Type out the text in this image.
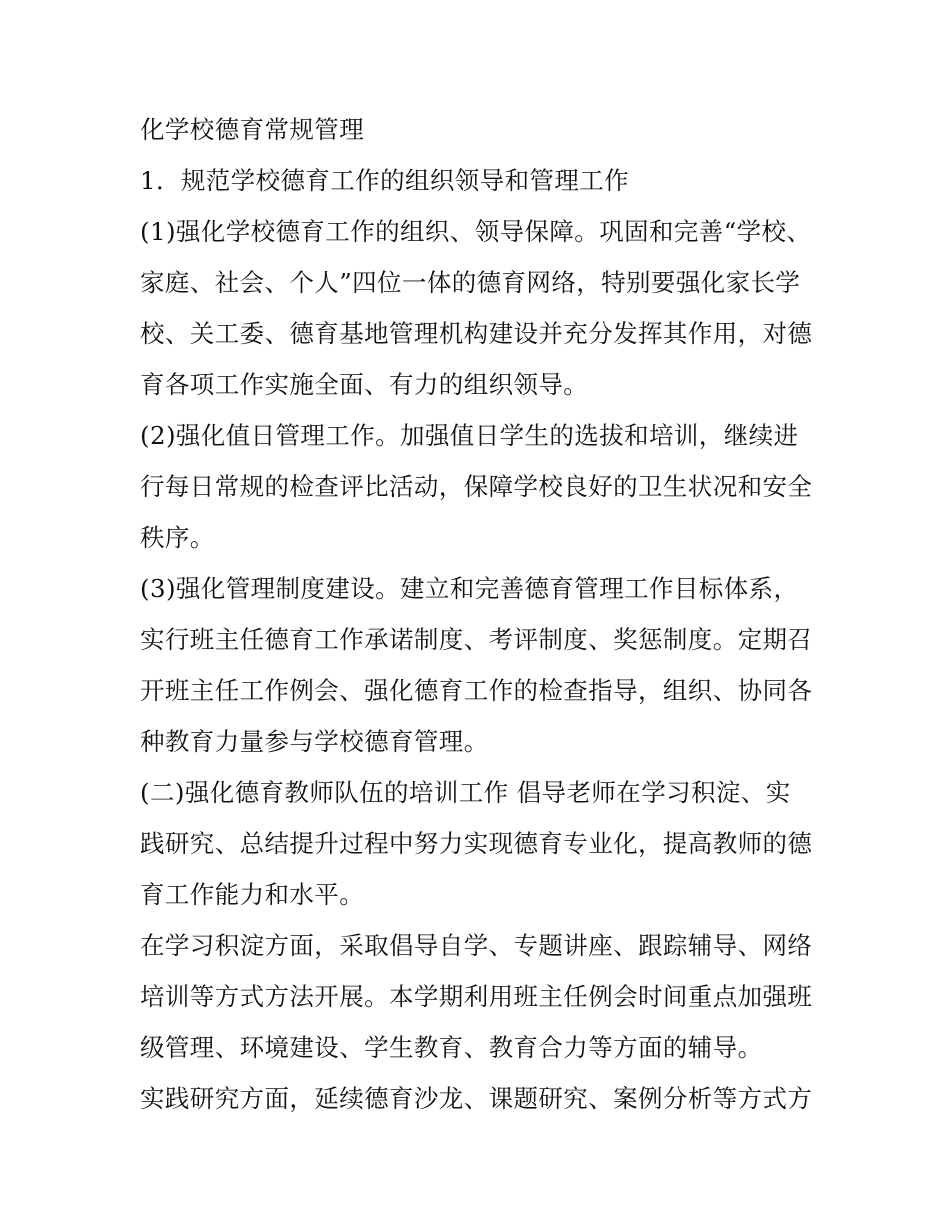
化学校德育常规管理
1．规范学校德育工作的组织领导和管理工作
(1)强化学校德育工作的组织、领导保障。巩固和完善“学校、
家庭、社会、个人”四位一体的德育网络，特别要强化家长学
校、关工委、德育基地管理机构建设并充分发挥其作用，对德
育各项工作实施全面、有力的组织领导。
(2)强化值日管理工作。加强值日学生的选拔和培训，继续进
行每日常规的检查评比活动，保障学校良好的卫生状况和安全
秩序。
(3)强化管理制度建设。建立和完善德育管理工作目标体系，
实行班主任德育工作承诺制度、考评制度、奖惩制度。定期召
开班主任工作例会、强化德育工作的检查指导，组织、协同各
种教育力量参与学校德育管理。
(二)强化德育教师队伍的培训工作 倡导老师在学习积淀、实
践研究、总结提升过程中努力实现德育专业化，提高教师的德
育工作能力和水平。
在学习积淀方面，采取倡导自学、专题讲座、跟踪辅导、网络
培训等方式方法开展。本学期利用班主任例会时间重点加强班
级管理、环境建设、学生教育、教育合力等方面的辅导。
实践研究方面，延续德育沙龙、课题研究、案例分析等方式方
